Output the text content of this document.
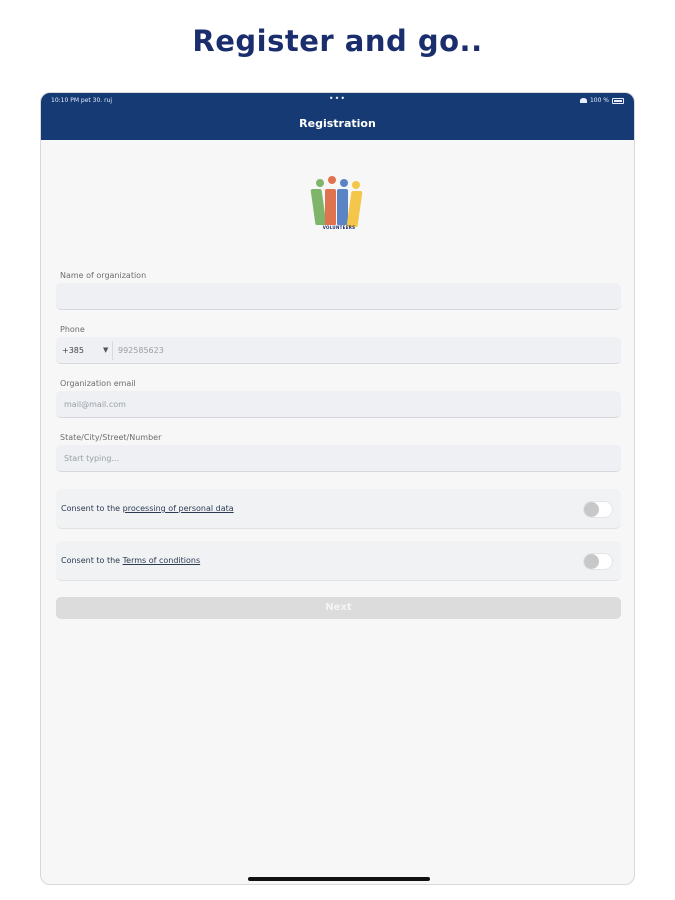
Register and go..
10:10 PM pet 30. ruj	•••	100 %
Registration
VOLUNTEERS
Name of organization
Phone
+385	▼ 992585623
Organization email
mail@mail.com
State/City/Street/Number
Start typing...
Consent to the processing of personal data
Consent to the Terms of conditions
Next
